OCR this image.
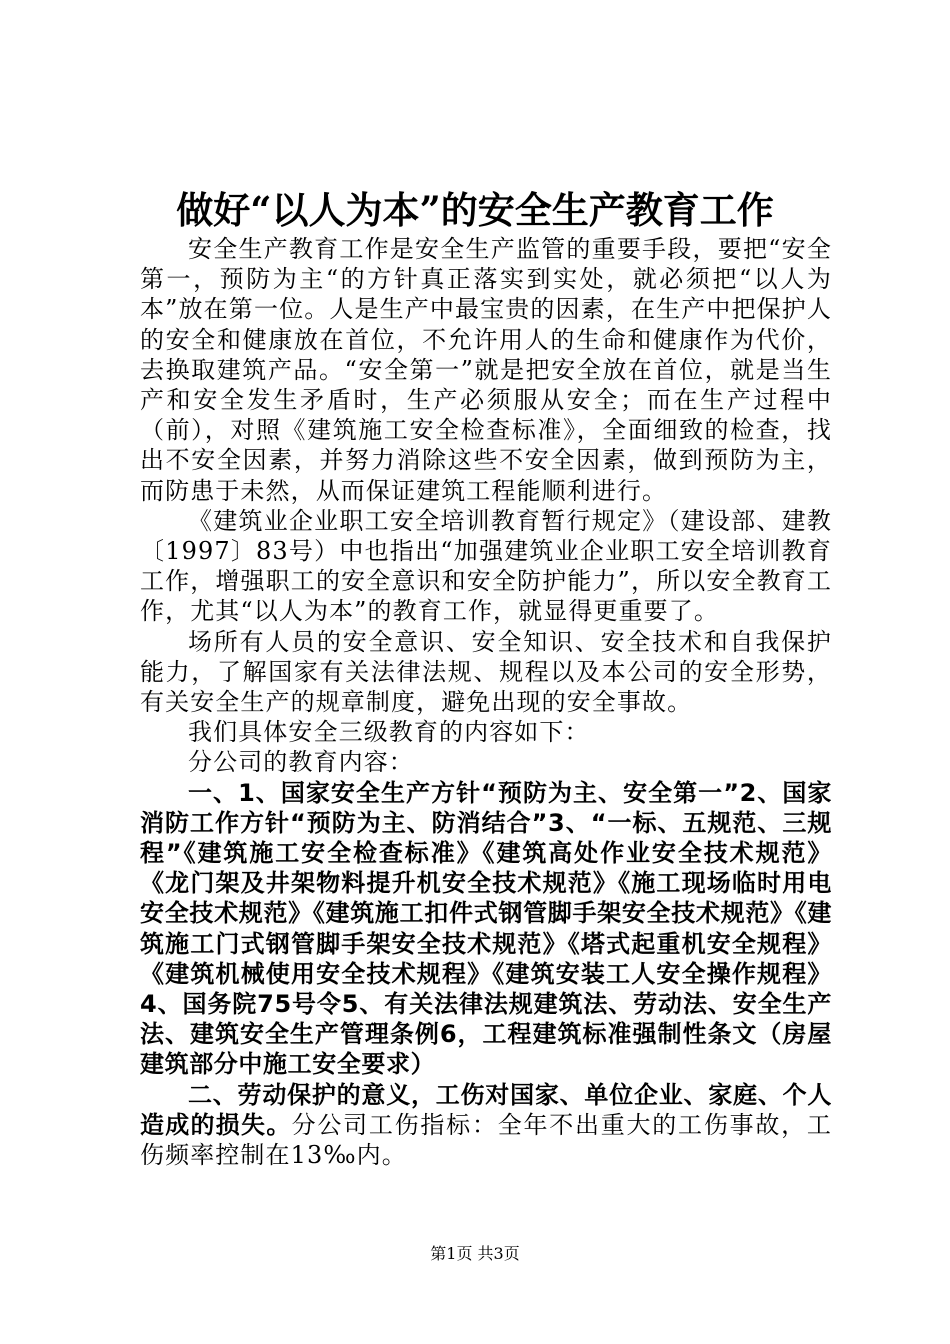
做好“以人为本”的安全生产教育工作

安全生产教育工作是安全生产监管的重要手段，要把“安全第一，预防为主“的方针真正落实到实处，就必须把“以人为本”放在第一位。人是生产中最宝贵的因素，在生产中把保护人的安全和健康放在首位，不允许用人的生命和健康作为代价，去换取建筑产品。“安全第一”就是把安全放在首位，就是当生产和安全发生矛盾时，生产必须服从安全；而在生产过程中（前），对照《建筑施工安全检查标准》，全面细致的检查，找出不安全因素，并努力消除这些不安全因素，做到预防为主，而防患于未然，从而保证建筑工程能顺利进行。

《建筑业企业职工安全培训教育暂行规定》（建设部、建教〔1997〕83号）中也指出“加强建筑业企业职工安全培训教育工作，增强职工的安全意识和安全防护能力”，所以安全教育工作，尤其“以人为本”的教育工作，就显得更重要了。

场所有人员的安全意识、安全知识、安全技术和自我保护能力，了解国家有关法律法规、规程以及本公司的安全形势，有关安全生产的规章制度，避免出现的安全事故。

我们具体安全三级教育的内容如下：

分公司的教育内容：

一、1、国家安全生产方针“预防为主、安全第一”2、国家消防工作方针“预防为主、防消结合”3、“一标、五规范、三规程”《建筑施工安全检查标准》《建筑高处作业安全技术规范》《龙门架及井架物料提升机安全技术规范》《施工现场临时用电安全技术规范》《建筑施工扣件式钢管脚手架安全技术规范》《建筑施工门式钢管脚手架安全技术规范》《塔式起重机安全规程》《建筑机械使用安全技术规程》《建筑安装工人安全操作规程》4、国务院75号令5、有关法律法规建筑法、劳动法、安全生产法、建筑安全生产管理条例6，工程建筑标准强制性条文（房屋建筑部分中施工安全要求）

二、劳动保护的意义，工伤对国家、单位企业、家庭、个人造成的损失。分公司工伤指标：全年不出重大的工伤事故，工伤频率控制在13‰内。

第1页 共3页
